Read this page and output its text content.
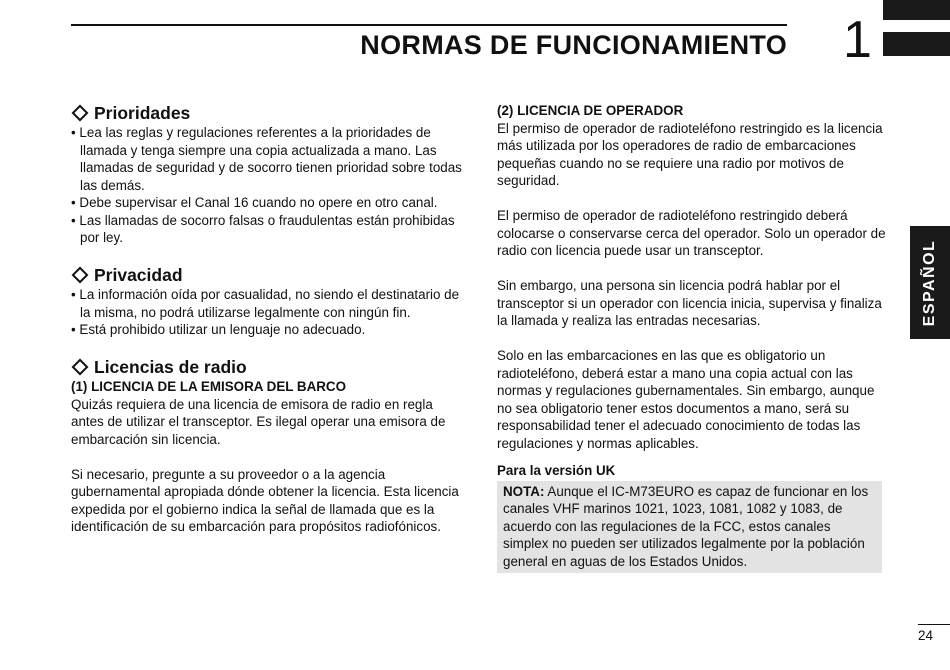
NORMAS DE FUNCIONAMIENTO 1
ESPAÑOL
Prioridades
• Lea las reglas y regulaciones referentes a la prioridades de llamada y tenga siempre una copia actualizada a mano. Las llamadas de seguridad y de socorro tienen prioridad sobre todas las demás.
• Debe supervisar el Canal 16 cuando no opere en otro canal.
• Las llamadas de socorro falsas o fraudulentas están prohibidas por ley.
Privacidad
• La información oída por casualidad, no siendo el destinatario de la misma, no podrá utilizarse legalmente con ningún fin.
• Está prohibido utilizar un lenguaje no adecuado.
Licencias de radio
(1) LICENCIA DE LA EMISORA DEL BARCO

Quizás requiera de una licencia de emisora de radio en regla antes de utilizar el transceptor. Es ilegal operar una emisora de embarcación sin licencia.

Si necesario, pregunte a su proveedor o a la agencia gubernamental apropiada dónde obtener la licencia. Esta licencia expedida por el gobierno indica la señal de llamada que es la identificación de su embarcación para propósitos radiofónicos.

(2) LICENCIA DE OPERADOR

El permiso de operador de radioteléfono restringido es la licencia más utilizada por los operadores de radio de embarcaciones pequeñas cuando no se requiere una radio por motivos de seguridad.

El permiso de operador de radioteléfono restringido deberá colocarse o conservarse cerca del operador. Solo un operador de radio con licencia puede usar un transceptor.

Sin embargo, una persona sin licencia podrá hablar por el transceptor si un operador con licencia inicia, supervisa y finaliza la llamada y realiza las entradas necesarias.

Solo en las embarcaciones en las que es obligatorio un radioteléfono, deberá estar a mano una copia actual con las normas y regulaciones gubernamentales. Sin embargo, aunque no sea obligatorio tener estos documentos a mano, será su responsabilidad tener el adecuado conocimiento de todas las regulaciones y normas aplicables.

Para la versión UK
NOTA: Aunque el IC-M73EURO es capaz de funcionar en los canales VHF marinos 1021, 1023, 1081, 1082 y 1083, de acuerdo con las regulaciones de la FCC, estos canales simplex no pueden ser utilizados legalmente por la población general en aguas de los Estados Unidos.
24
